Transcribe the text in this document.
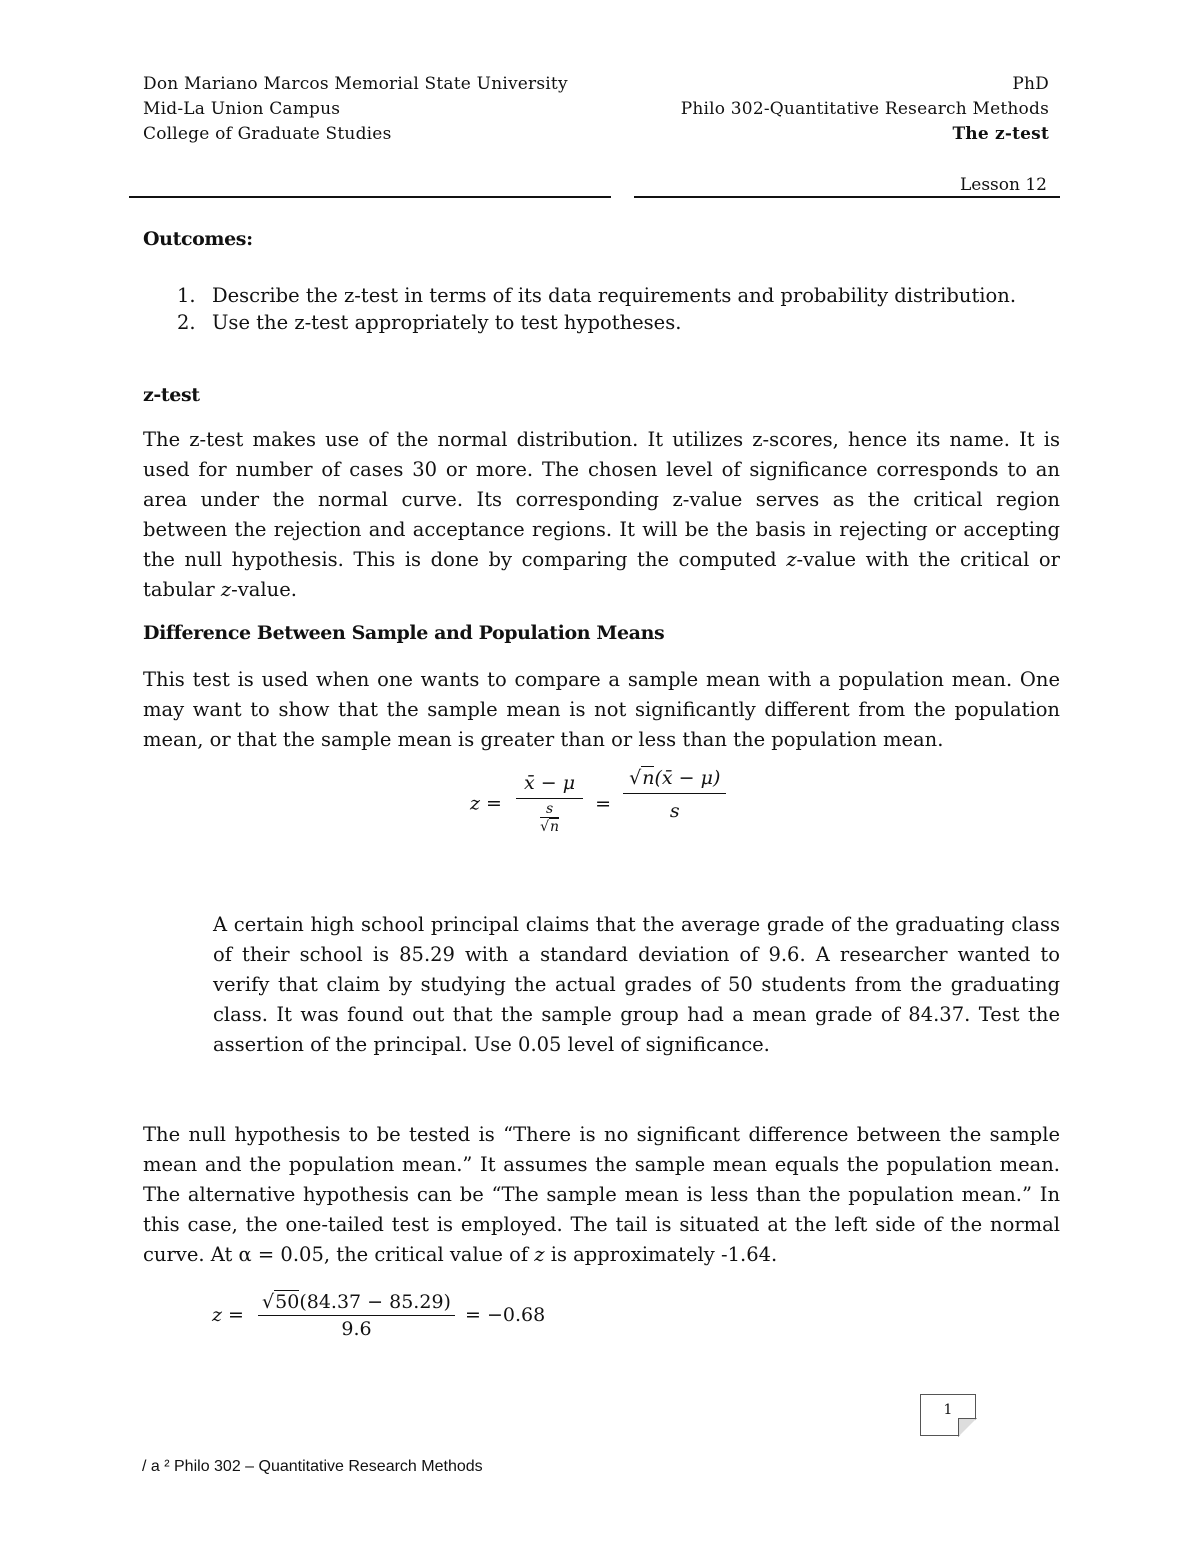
Don Mariano Marcos Memorial State University
Mid-La Union Campus
College of Graduate Studies
PhD
Philo 302-Quantitative Research Methods
The z-test
Lesson 12
Outcomes:
1. Describe the z-test in terms of its data requirements and probability distribution.
2. Use the z-test appropriately to test hypotheses.
z-test
The z-test makes use of the normal distribution. It utilizes z-scores, hence its name. It is used for number of cases 30 or more. The chosen level of significance corresponds to an area under the normal curve. Its corresponding z-value serves as the critical region between the rejection and acceptance regions. It will be the basis in rejecting or accepting the null hypothesis. This is done by comparing the computed z-value with the critical or tabular z-value.
Difference Between Sample and Population Means
This test is used when one wants to compare a sample mean with a population mean. One may want to show that the sample mean is not significantly different from the population mean, or that the sample mean is greater than or less than the population mean.
$z = \frac{x̄ - \mu}{\frac{s}{√n}} = \frac{√n(x̄ - \mu)}{s}$
A certain high school principal claims that the average grade of the graduating class of their school is 85.29 with a standard deviation of 9.6. A researcher wanted to verify that claim by studying the actual grades of 50 students from the graduating class. It was found out that the sample group had a mean grade of 84.37. Test the assertion of the principal. Use 0.05 level of significance.
The null hypothesis to be tested is “There is no significant difference between the sample mean and the population mean.” It assumes the sample mean equals the population mean. The alternative hypothesis can be “The sample mean is less than the population mean.” In this case, the one-tailed test is employed. The tail is situated at the left side of the normal curve. At α = 0.05, the critical value of z is approximately -1.64.
$z = \frac{√50(84.37 - 85.29)}{9.6} = -0.68$
1
/ a ² Philo 302 – Quantitative Research Methods
